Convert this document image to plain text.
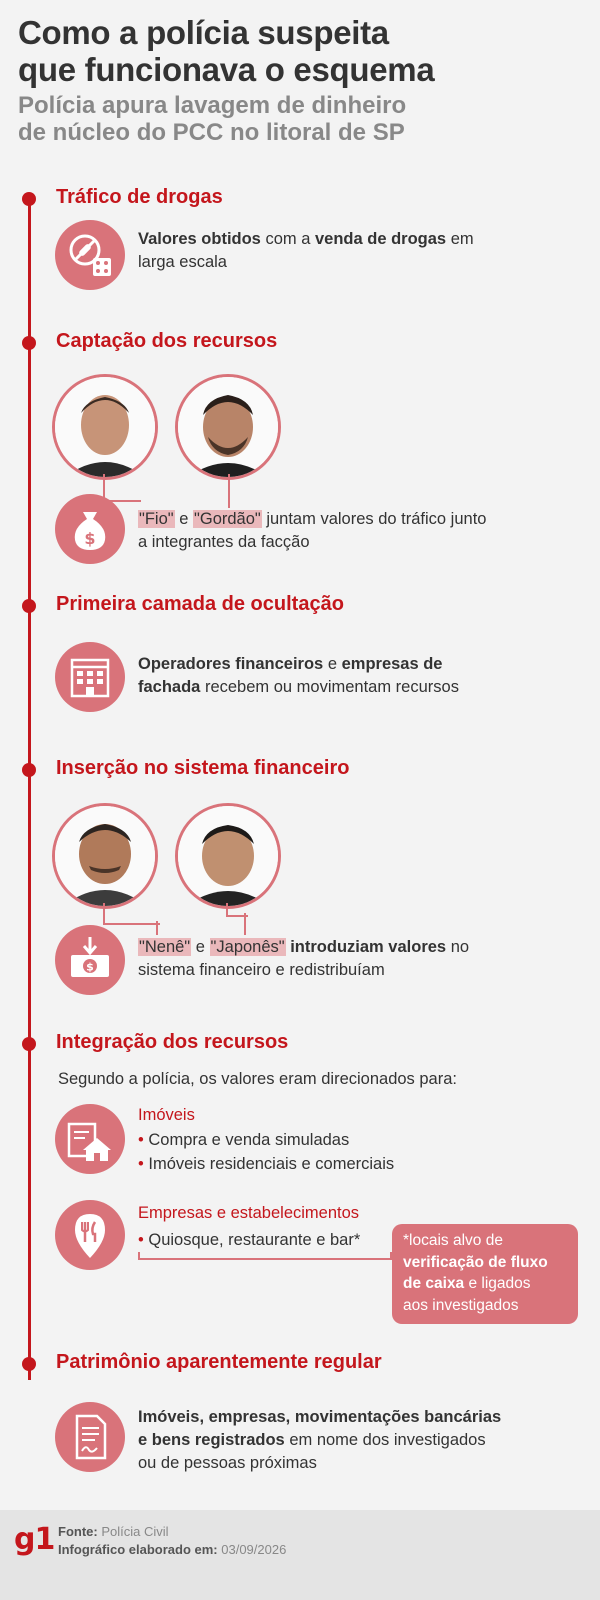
Como a polícia suspeita
que funcionava o esquema
Polícia apura lavagem de dinheiro
de núcleo do PCC no litoral de SP
Tráfico de drogas
Valores obtidos com a venda de drogas em
larga escala
Captação dos recursos
$
"Fio" e "Gordão" juntam valores do tráfico junto
a integrantes da facção
Primeira camada de ocultação
Operadores financeiros e empresas de
fachada recebem ou movimentam recursos
Inserção no sistema financeiro
$
"Nenê" e "Japonês" introduziam valores no
sistema financeiro e redistribuíam
Integração dos recursos
Segundo a polícia, os valores eram direcionados para:
Imóveis
• Compra e venda simuladas
• Imóveis residenciais e comerciais
Empresas e estabelecimentos
• Quiosque, restaurante e bar*	*locais alvo de
verificação de fluxo
de caixa e ligados
aos investigados
Patrimônio aparentemente regular
Imóveis, empresas, movimentações bancárias
e bens registrados em nome dos investigados
ou de pessoas próximas
g1 Fonte: Polícia Civil
Infográfico elaborado em: 03/09/2026
